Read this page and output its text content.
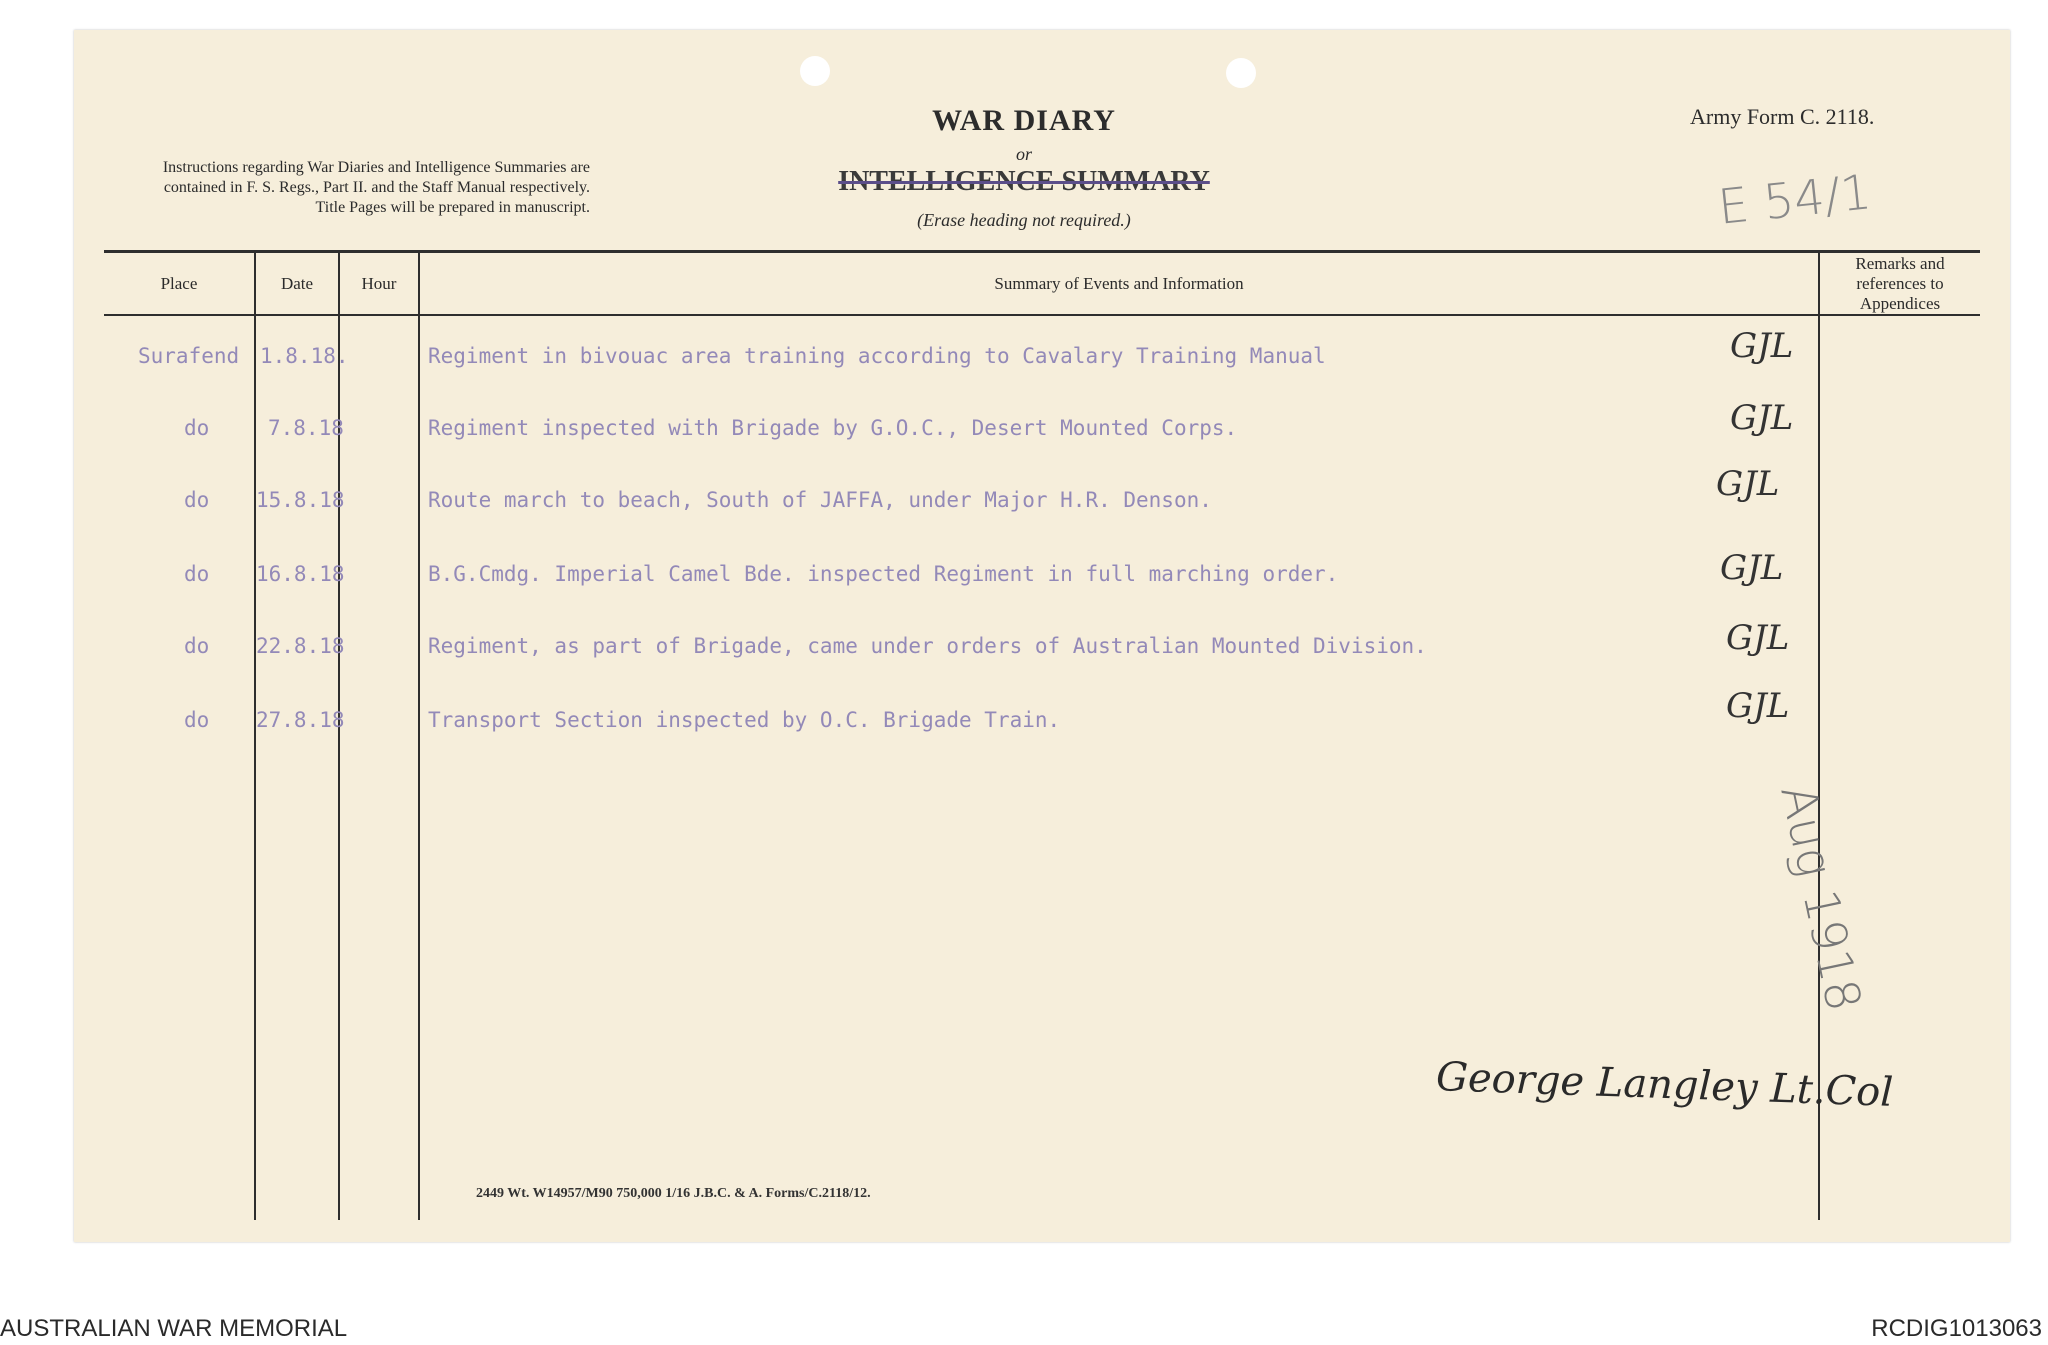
Instructions regarding War Diaries and Intelligence Summaries are contained in F. S. Regs., Part II. and the Staff Manual respectively. Title Pages will be prepared in manuscript.
WAR DIARY
or
INTELLIGENCE SUMMARY
(Erase heading not required.)
Army Form C. 2118.
E 54/1
Place	Date	Hour	Summary of Events and Information
Remarks and references to Appendices
Surafend 1.8.18.	Regiment in bivouac area training according to Cavalary Training Manual	GJL
do	7.8.18	Regiment inspected with Brigade by G.O.C., Desert Mounted Corps.	GJL
do 15.8.18	Route march to beach, South of JAFFA, under Major H.R. Denson.	GJL
do 16.8.18	B.G.Cmdg. Imperial Camel Bde. inspected Regiment in full marching order.	GJL
do 22.8.18	Regiment, as part of Brigade, came under orders of Australian Mounted Division.	GJL
do 27.8.18	Transport Section inspected by O.C. Brigade Train.	GJL
Aug 1918
George Langley Lt.Col
2449 Wt. W14957/M90 750,000 1/16 J.B.C. & A. Forms/C.2118/12.
AUSTRALIAN WAR MEMORIAL	RCDIG1013063
